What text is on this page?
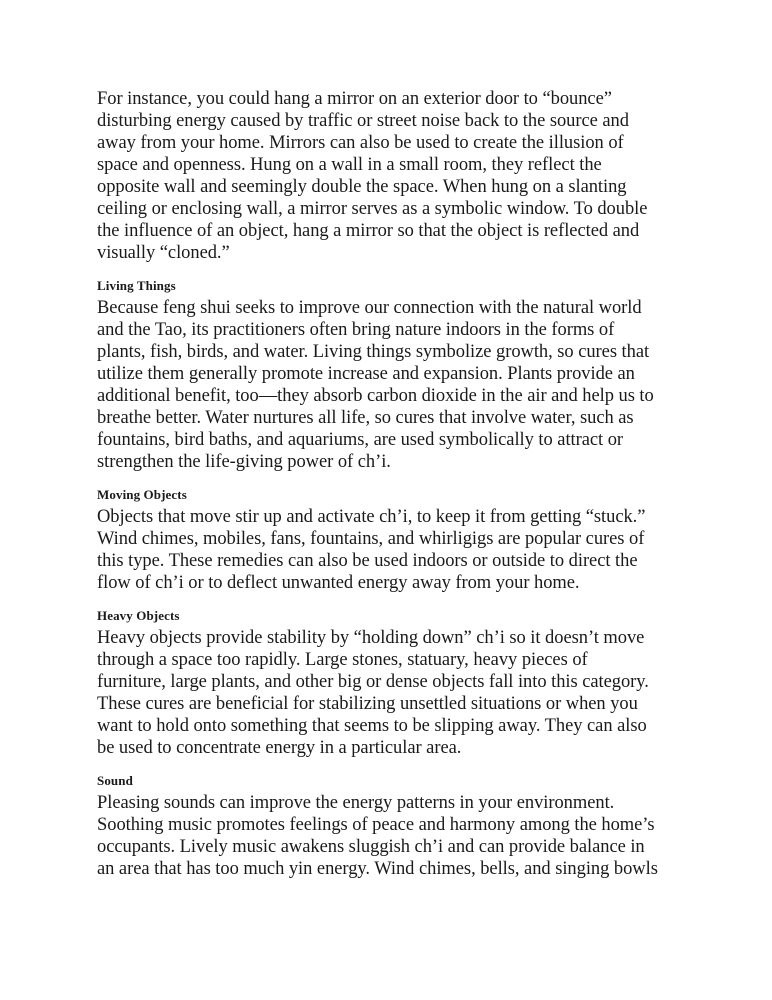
For instance, you could hang a mirror on an exterior door to “bounce”
disturbing energy caused by traffic or street noise back to the source and
away from your home. Mirrors can also be used to create the illusion of
space and openness. Hung on a wall in a small room, they reflect the
opposite wall and seemingly double the space. When hung on a slanting
ceiling or enclosing wall, a mirror serves as a symbolic window. To double
the influence of an object, hang a mirror so that the object is reflected and
visually “cloned.”

Living Things

Because feng shui seeks to improve our connection with the natural world
and the Tao, its practitioners often bring nature indoors in the forms of
plants, fish, birds, and water. Living things symbolize growth, so cures that
utilize them generally promote increase and expansion. Plants provide an
additional benefit, too—they absorb carbon dioxide in the air and help us to
breathe better. Water nurtures all life, so cures that involve water, such as
fountains, bird baths, and aquariums, are used symbolically to attract or
strengthen the life-giving power of ch’i.

Moving Objects

Objects that move stir up and activate ch’i, to keep it from getting “stuck.”
Wind chimes, mobiles, fans, fountains, and whirligigs are popular cures of
this type. These remedies can also be used indoors or outside to direct the
flow of ch’i or to deflect unwanted energy away from your home.

Heavy Objects

Heavy objects provide stability by “holding down” ch’i so it doesn’t move
through a space too rapidly. Large stones, statuary, heavy pieces of
furniture, large plants, and other big or dense objects fall into this category.
These cures are beneficial for stabilizing unsettled situations or when you
want to hold onto something that seems to be slipping away. They can also
be used to concentrate energy in a particular area.

Sound

Pleasing sounds can improve the energy patterns in your environment.
Soothing music promotes feelings of peace and harmony among the home’s
occupants. Lively music awakens sluggish ch’i and can provide balance in
an area that has too much yin energy. Wind chimes, bells, and singing bowls
